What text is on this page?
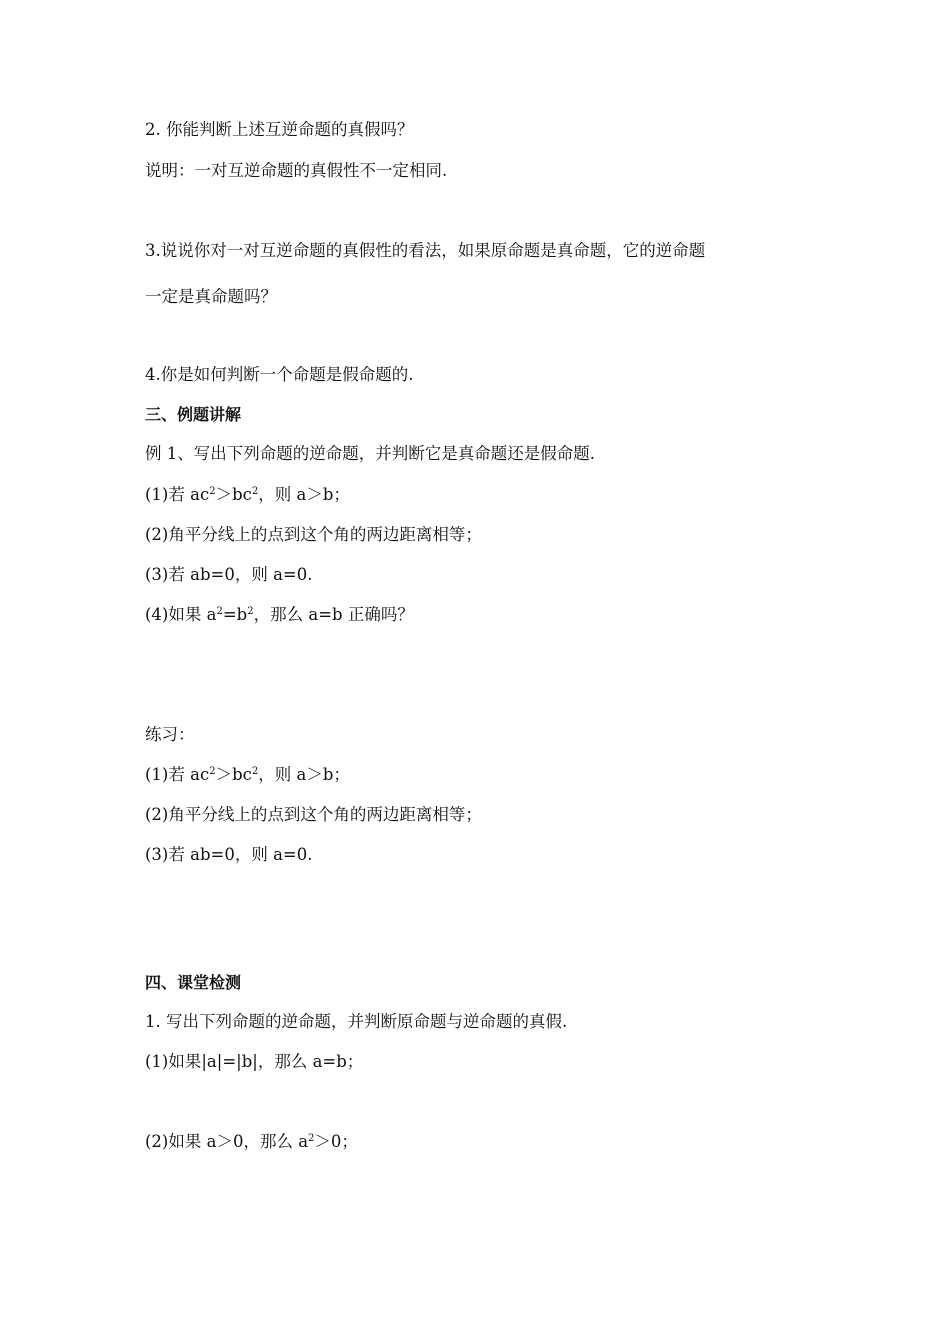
2. 你能判断上述互逆命题的真假吗？
说明：一对互逆命题的真假性不一定相同.
3.说说你对一对互逆命题的真假性的看法，如果原命题是真命题，它的逆命题
一定是真命题吗？
4.你是如何判断一个命题是假命题的.
三、例题讲解
例 1、写出下列命题的逆命题，并判断它是真命题还是假命题.
(1)若 $ac^2>bc^2$，则 a＞b；
(2)角平分线上的点到这个角的两边距离相等；
(3)若 ab=0，则 a=0.
(4)如果 $a^2=b^2$，那么 a=b 正确吗？
练习：
(1)若 $ac^2>bc^2$，则 a＞b；
(2)角平分线上的点到这个角的两边距离相等；
(3)若 ab=0，则 a=0.
四、课堂检测
1. 写出下列命题的逆命题，并判断原命题与逆命题的真假.
(1)如果|a|=|b|，那么 a=b；
(2)如果 a＞0，那么 $a^2>0$；
